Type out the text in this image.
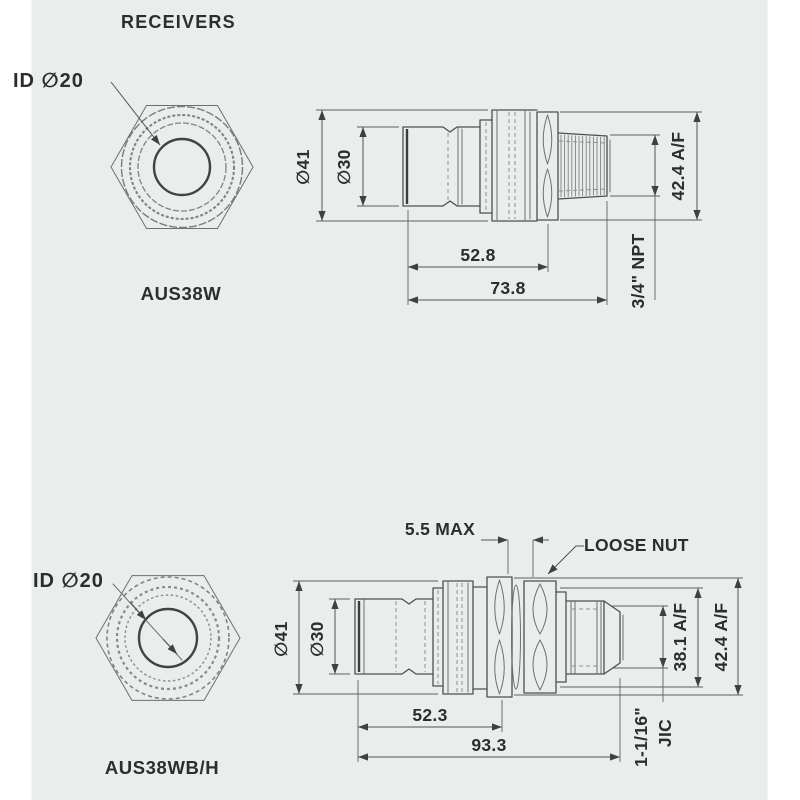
RECEIVERS
ID ∅20
AUS38W
∅41 ∅30	42.4 A/F
3/4" NPT
52.8
73.8
ID ∅20
AUS38WB/H
∅41 ∅30
5.5 MAX
LOOSE NUT
38.1 A/F 42.4 A/F
1-1/16" JIC
52.3
93.3
